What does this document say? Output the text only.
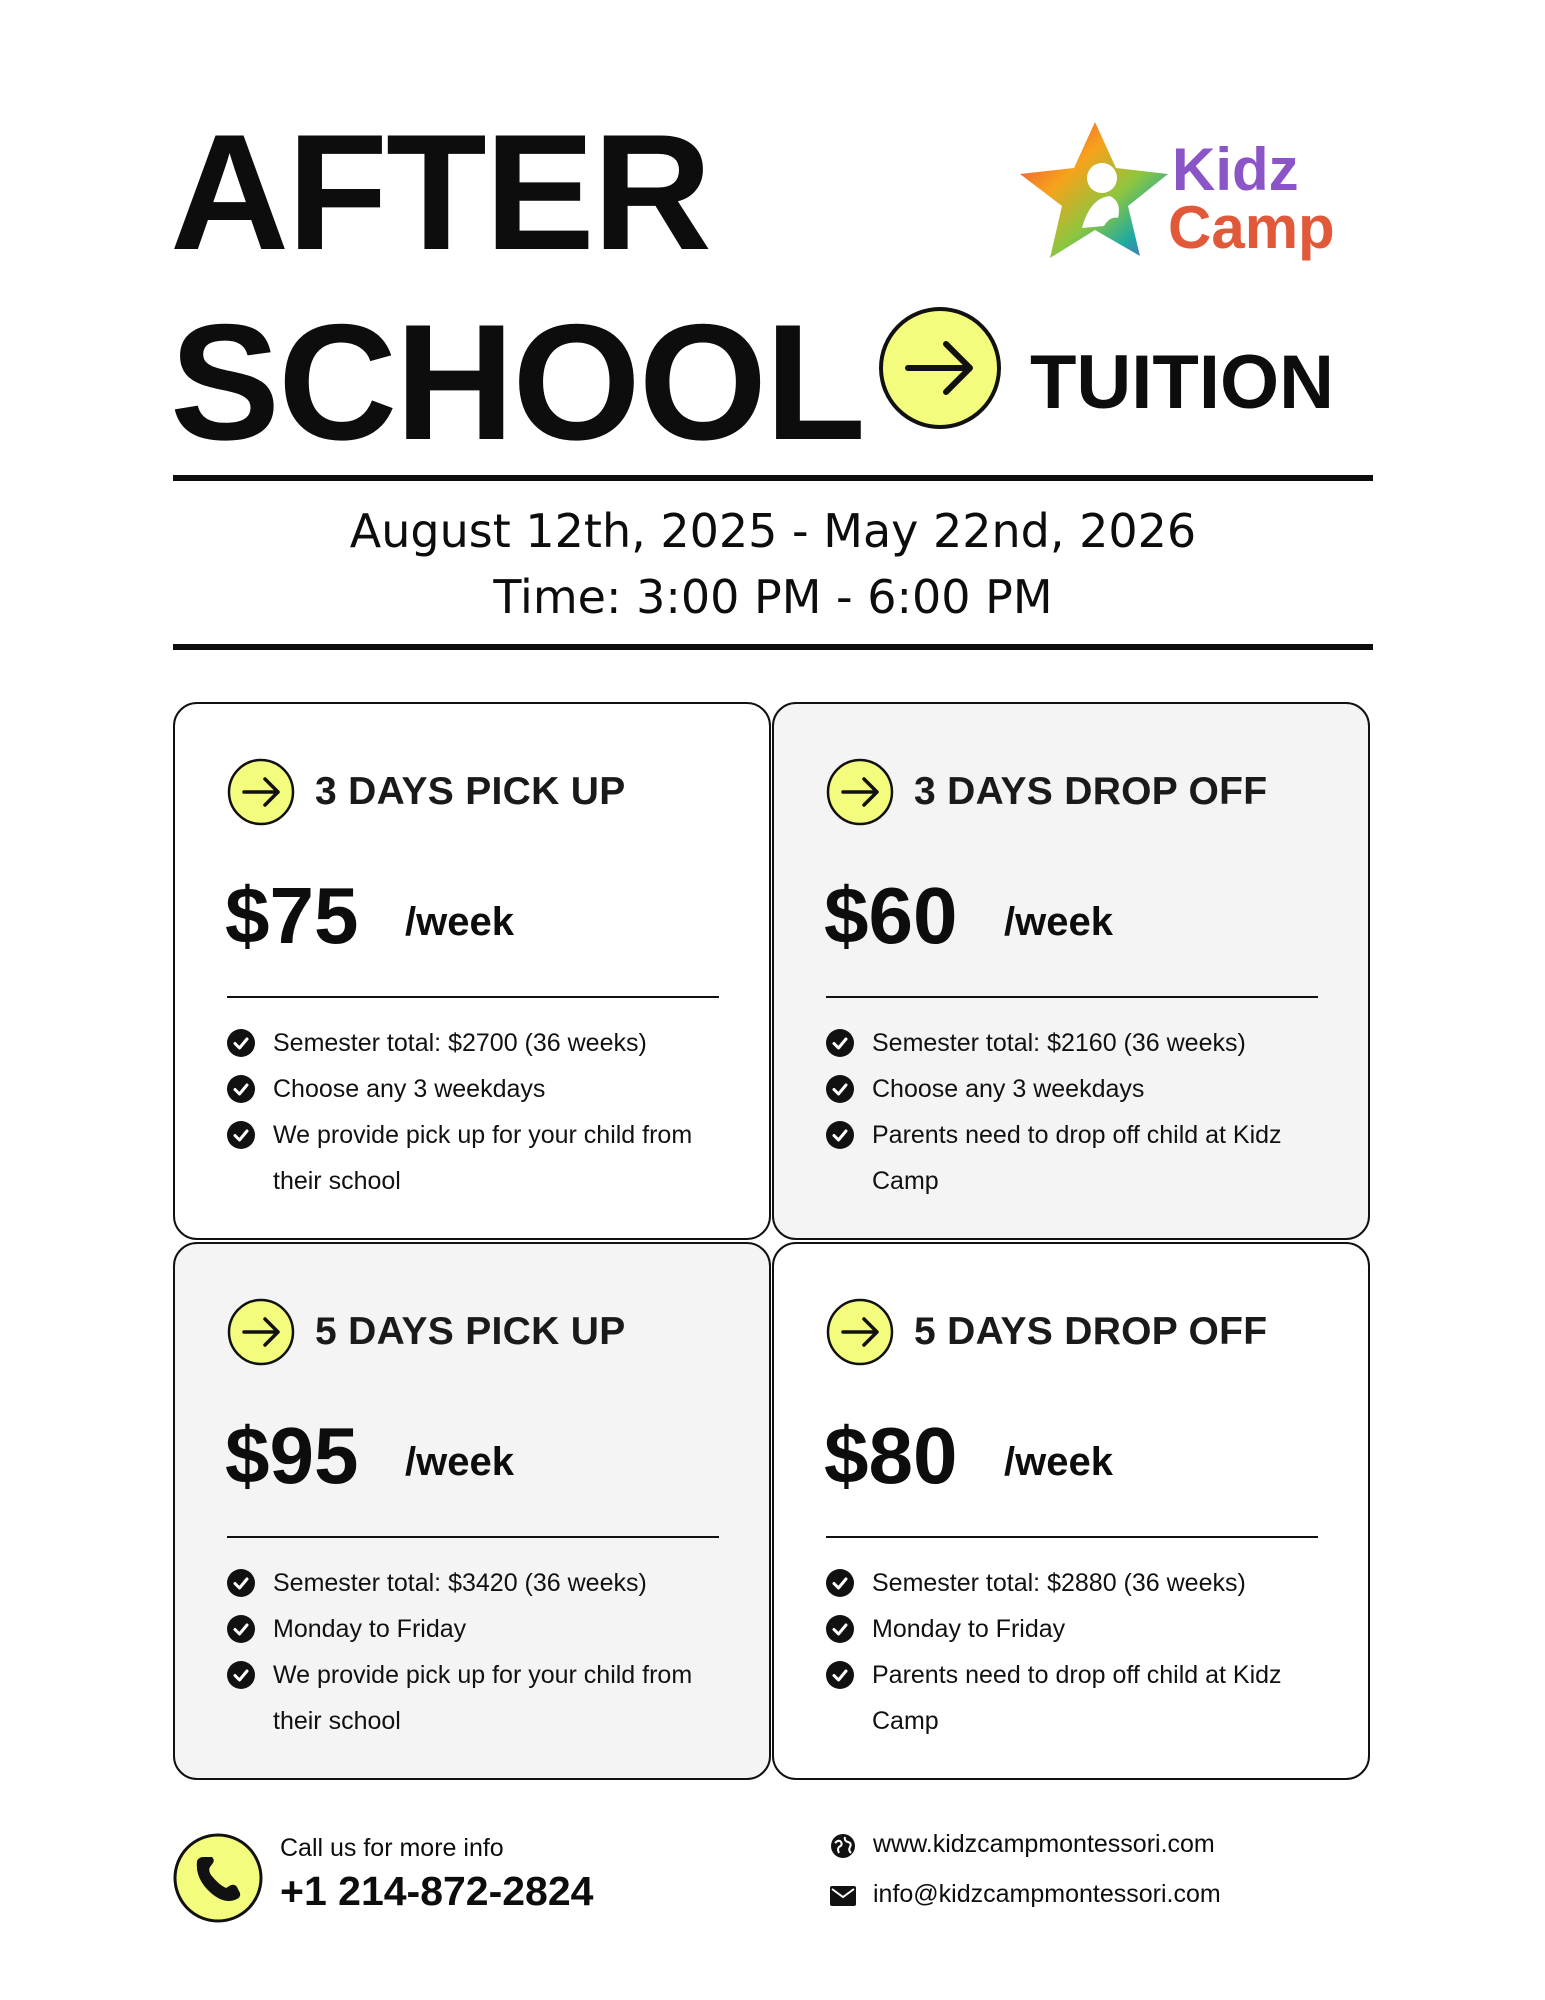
AFTER
SCHOOL TUITION
Kidz
Camp
August 12th, 2025 - May 22nd, 2026
Time: 3:00 PM - 6:00 PM
3 DAYS PICK UP
$75 /week
Semester total: $2700 (36 weeks)
Choose any 3 weekdays
We provide pick up for your child from their school
3 DAYS DROP OFF
$60 /week
Semester total: $2160 (36 weeks)
Choose any 3 weekdays
Parents need to drop off child at Kidz Camp
5 DAYS PICK UP
$95 /week
Semester total: $3420 (36 weeks)
Monday to Friday
We provide pick up for your child from their school
5 DAYS DROP OFF
$80 /week
Semester total: $2880 (36 weeks)
Monday to Friday
Parents need to drop off child at Kidz Camp
Call us for more info
+1 214-872-2824
www.kidzcampmontessori.com
info@kidzcampmontessori.com
